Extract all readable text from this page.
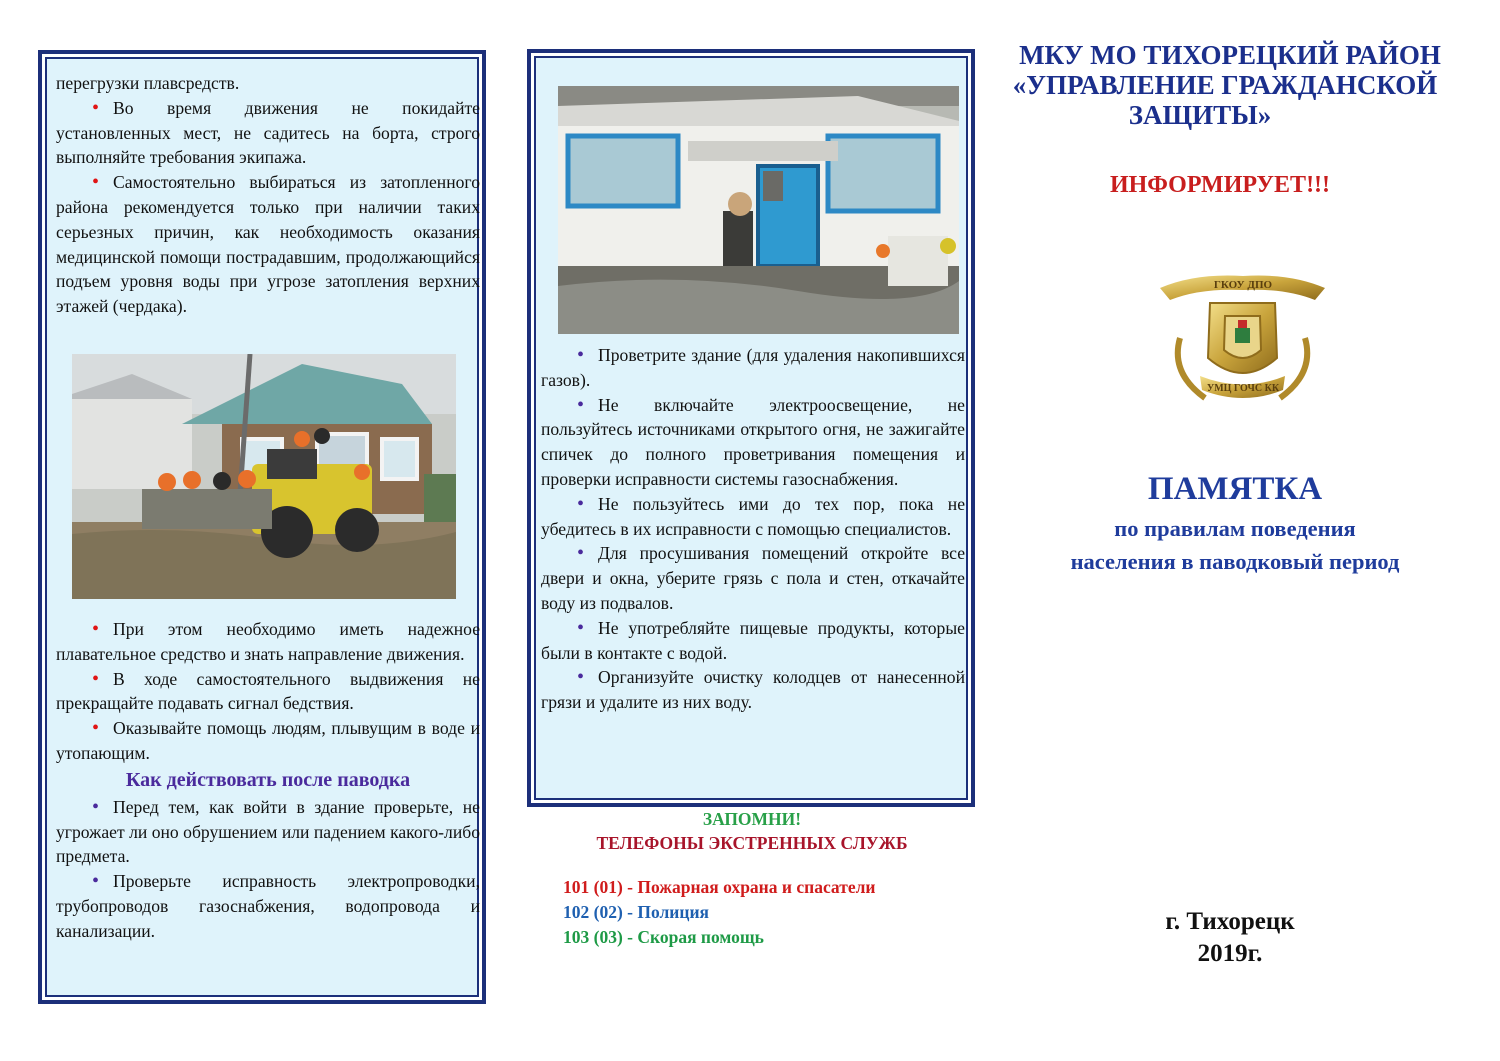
перегрузки плавсредств.

• Во время движения не покидайте установленных мест, не садитесь на борта, строго выполняйте требования экипажа.

• Самостоятельно выбираться из затопленного района рекомендуется только при наличии таких серьезных причин, как необходимость оказания медицинской помощи пострадавшим, продолжающийся подъем уровня воды при угрозе затопления верхних этажей (чердака).

• При этом необходимо иметь надежное плавательное средство и знать направление движения.

• В ходе самостоятельного выдвижения не прекращайте подавать сигнал бедствия.

• Оказывайте помощь людям, плывущим в воде и утопающим.

Как действовать после паводка

• Перед тем, как войти в здание проверьте, не угрожает ли оно обрушением или падением какого-либо предмета.

• Проверьте исправность электропроводки, трубопроводов газоснабжения, водопровода и канализации.

• Проветрите здание (для удаления накопившихся газов).

• Не включайте электроосвещение, не пользуйтесь источниками открытого огня, не зажигайте спичек до полного проветривания помещения и проверки исправности системы газоснабжения.

• Не пользуйтесь ими до тех пор, пока не убедитесь в их исправности с помощью специалистов.

• Для просушивания помещений откройте все двери и окна, уберите грязь с пола и стен, откачайте воду из подвалов.

• Не употребляйте пищевые продукты, которые были в контакте с водой.

• Организуйте очистку колодцев от нанесенной грязи и удалите из них воду.

ЗАПОМНИ!
ТЕЛЕФОНЫ ЭКСТРЕННЫХ СЛУЖБ
101 (01) - Пожарная охрана и спасатели
102 (02) - Полиция
103 (03) - Скорая помощь
МКУ МО ТИХОРЕЦКИЙ РАЙОН
«УПРАВЛЕНИЕ ГРАЖДАНСКОЙ
ЗАЩИТЫ»
ИНФОРМИРУЕТ!!!
ГКОУ ДПО
УМЦ ГОЧС КК
ПАМЯТКА
по правилам поведения
населения в паводковый период
г. Тихорецк
2019г.
